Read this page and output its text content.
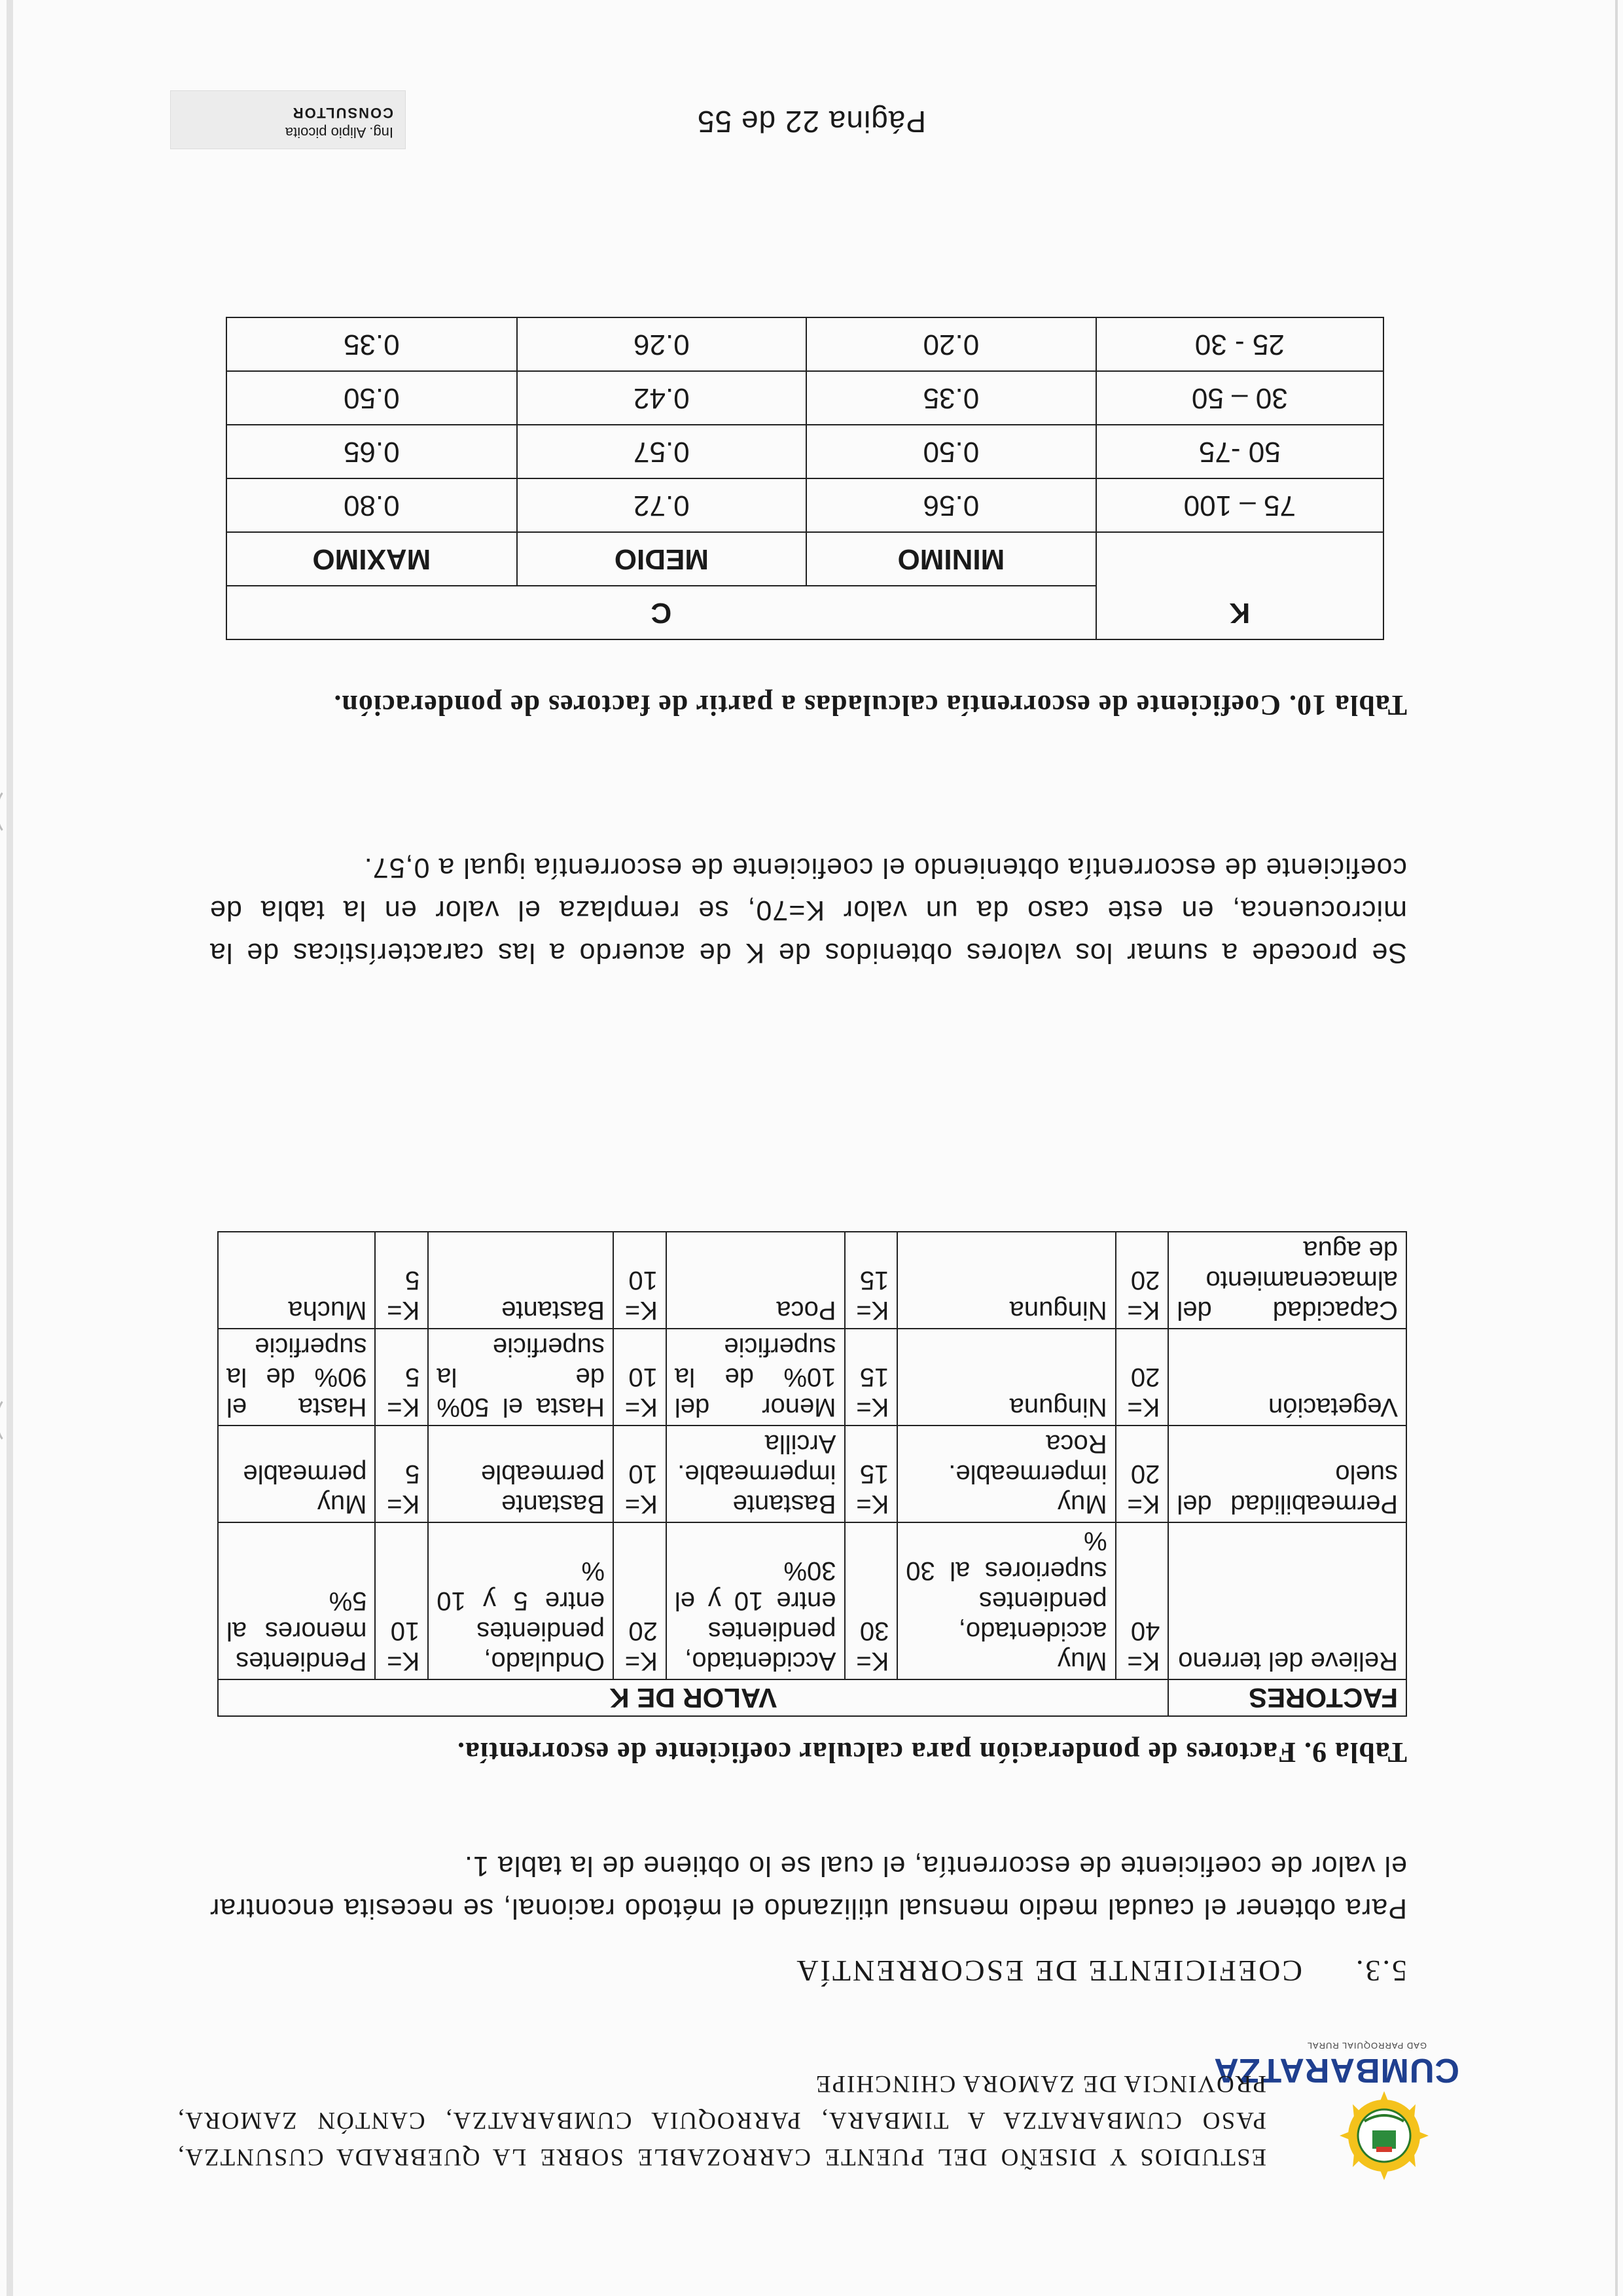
CUMBARATZA
GAD PARROQUIAL RURAL
ESTUDIOS Y DISEÑO DEL PUENTE CARROZABLE SOBRE LA QUEBRADA CUSUNTZA, PASO CUMBARATZA A TIMBARA, PARROQUIA CUMBARATZA, CANTÓN ZAMORA, PROVINCIA DE ZAMORA CHINCHIPE
5.3.COEFICIENTE DE ESCORRENTÍA
Para obtener el caudal medio mensual utilizando el método racional, se necesita encontrar el valor de coeficiente de escorrentía, el cual se lo obtiene de la tabla 1.
Tabla 9. Factores de ponderación para calcular coeficiente de escorrentía.
FACTORES	VALOR DE K							
Relieve del terreno	K= 40	Muy accidentado, pendientes superiores al 30 %	K= 30	Accidentado, pendientes entre 10 y el 30%	K= 20	Ondulado, pendientes entre 5 y 10 %	K= 10	Pendientes menores al 5%
Permeabilidad del suelo	K= 20	Muy impermeable. Roca	K= 15	Bastante impermeable. Arcilla	K= 10	Bastante permeable	K= 5	Muy permeable
Vegetación	K= 20	Ninguna	K= 15	Menor del 10% de la superficie	K= 10	Hasta el 50% de la superficie	K= 5	Hasta el 90% de la superficie
Capacidad del almacenamiento de agua	K= 20	Ninguna	K= 15	Poca	K= 10	Bastante	K= 5	Mucha
Se procede a sumar los valores obtenidos de K de acuerdo a las características de la microcuenca, en este caso da un valor K=70, se remplaza el valor en la tabla de coeficiente de escorrentía obteniendo el coeficiente de escorrentía igual a 0,57.
Tabla 10. Coeficiente de escorrentía calculadas a partir de factores de ponderación.
K	C		
	MINIMO	MEDIO	MAXIMO
75 – 100	0.56	0.72	0.80
50 -75	0.50	0.57	0.65
30 – 50	0.35	0.42	0.50
25 - 30	0.20	0.26	0.35
Página 22 de 55
Ing. Alipio picoita
CONSULTOR
